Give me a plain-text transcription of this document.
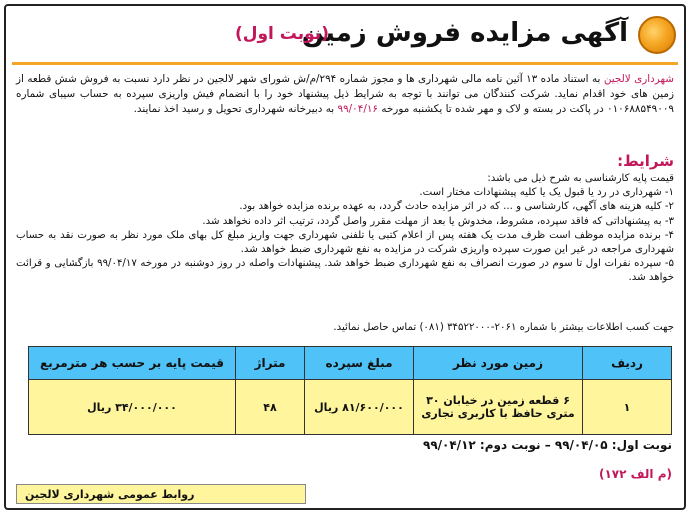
آگهی مزایده فروش زمین
(نوبت اول)
شهرداری لالجین به استناد ماده ۱۳ آئین نامه مالی شهرداری ها و مجوز شماره ۲۹۴/م/ش شورای شهر لالجین در نظر دارد نسبت به فروش شش قطعه از زمین های خود اقدام نماید. شرکت کنندگان می توانند با توجه به شرایط ذیل پیشنهاد خود را با انضمام فیش واریزی سپرده به حساب سیبای شماره ۰۱۰۶۸۸۵۴۹۰۰۹ در پاکت در بسته و لاک و مهر شده تا یکشنبه مورخه ۹۹/۰۴/۱۶ به دبیرخانه شهرداری تحویل و رسید اخذ نمایند.
شرایط:

قیمت پایه کارشناسی به شرح ذیل می باشد:

۱- شهرداری در رد یا قبول یک یا کلیه پیشنهادات مختار است.

۲- کلیه هزینه های آگهی، کارشناسی و ... که در اثر مزایده حادث گردد، به عهده برنده مزایده خواهد بود.

۳- به پیشنهاداتی که فاقد سپرده، مشروط، مخدوش یا بعد از مهلت مقرر واصل گردد، ترتیب اثر داده نخواهد شد.

۴- برنده مزایده موظف است ظرف مدت یک هفته پس از اعلام کتبی یا تلفنی شهرداری جهت واریز مبلغ کل بهای ملک مورد نظر به صورت نقد به حساب شهرداری مراجعه در غیر این صورت سپرده واریزی شرکت در مزایده به نفع شهرداری ضبط خواهد شد.

۵- سپرده نفرات اول تا سوم در صورت انصراف به نفع شهرداری ضبط خواهد شد. پیشنهادات واصله در روز دوشنبه در مورخه ۹۹/۰۴/۱۷ بازگشایی و قرائت خواهد شد.

جهت کسب اطلاعات بیشتر با شماره ۲۰۶۱-۳۴۵۲۲۰۰۰ (۰۸۱) تماس حاصل نمائید.
ردیف	زمین مورد نظر	مبلغ سپرده	متراژ	قیمت پایه بر حسب هر مترمربع
۱	۶ قطعه زمین در خیابان ۳۰ متری حافظ با کاربری تجاری	۸۱/۶۰۰/۰۰۰ ریال	۴۸	۳۴/۰۰۰/۰۰۰ ریال
نوبت اول: ۹۹/۰۴/۰۵ – نوبت دوم: ۹۹/۰۴/۱۲
(م الف ۱۷۲)
روابط عمومی شهرداری لالجین
